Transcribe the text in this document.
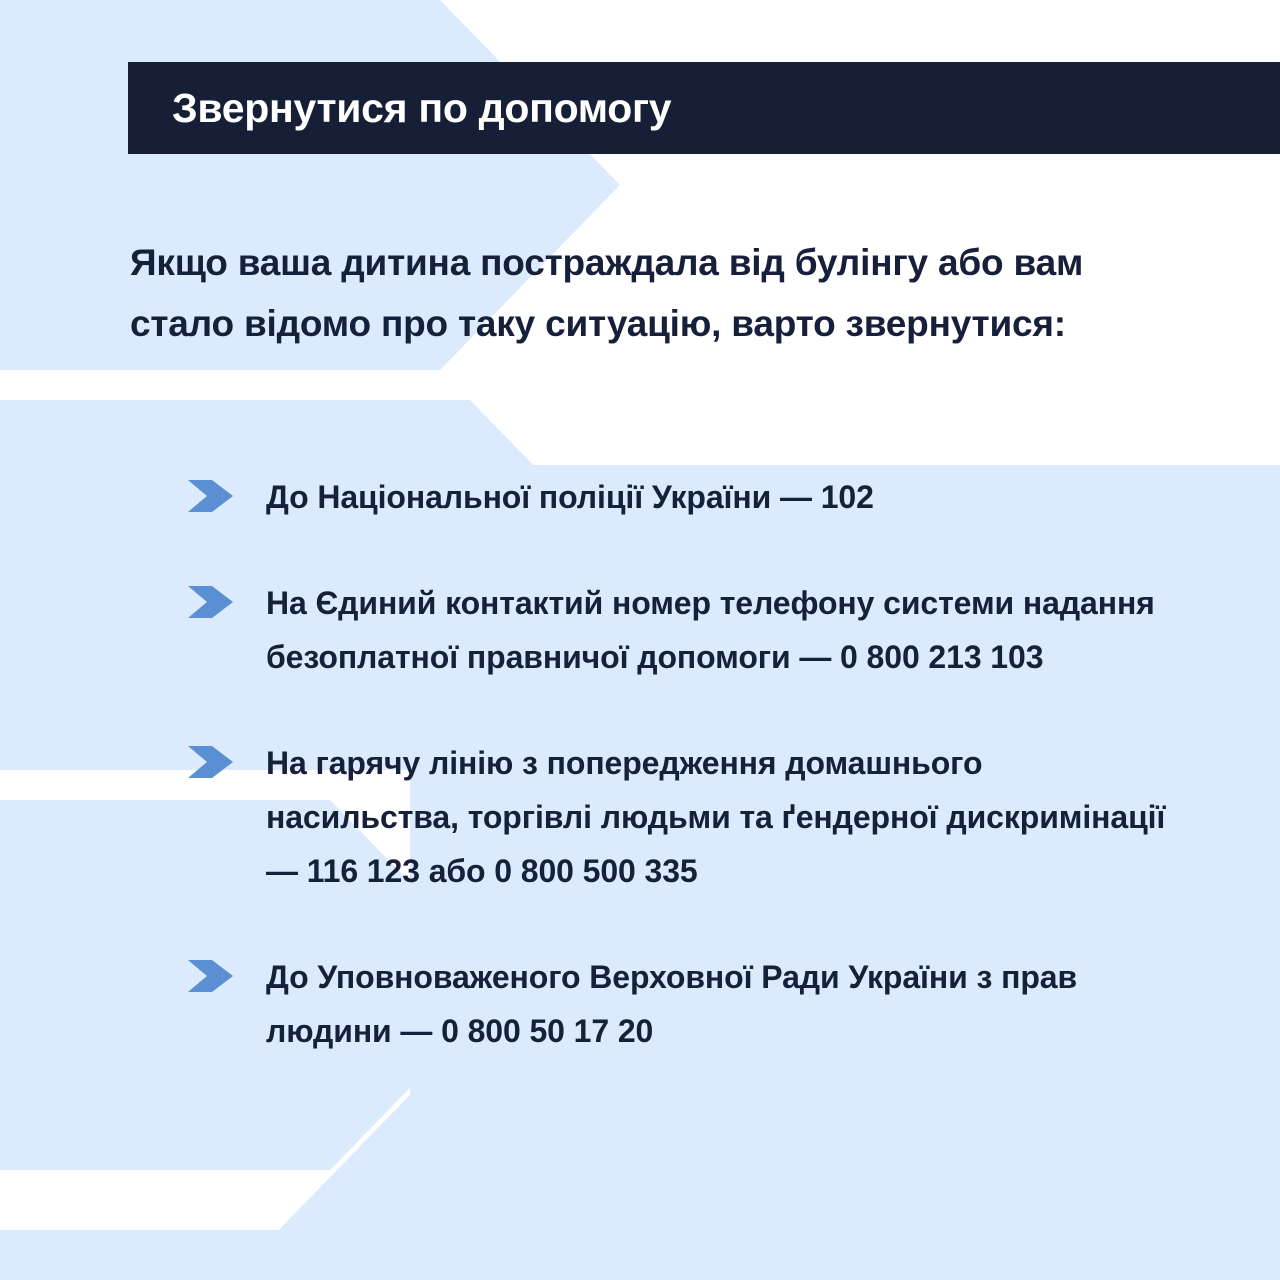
Звернутися по допомогу
Якщо ваша дитина постраждала від булінгу або вам стало відомо про таку ситуацію, варто звернутися:
До Національної поліції України — 102
На Єдиний контактий номер телефону системи надання безоплатної правничої допомоги — 0 800 213 103
На гарячу лінію з попередження домашнього насильства, торгівлі людьми та ґендерної дискримінації — 116 123 або 0 800 500 335
До Уповноваженого Верховної Ради України з прав людини — 0 800 50 17 20
